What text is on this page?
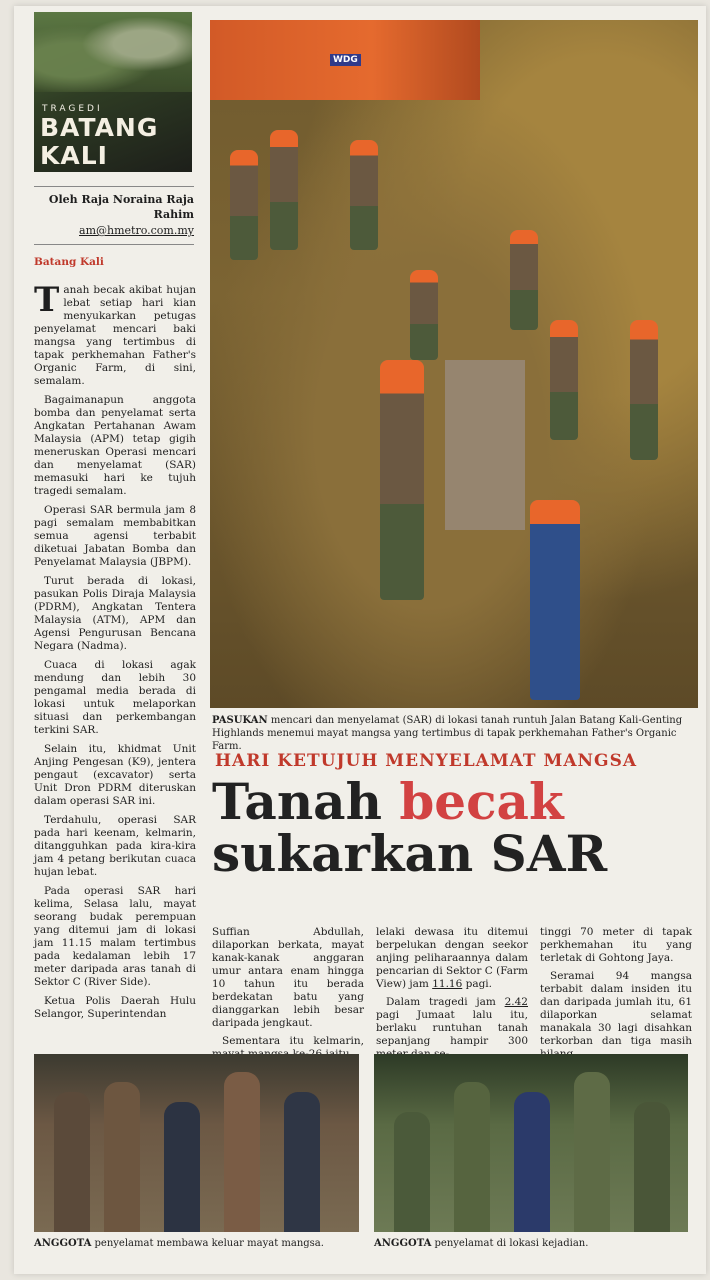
TRAGEDI
BATANG
KALI
Oleh Raja Noraina Raja Rahim
am@hmetro.com.my
Batang Kali

Tanah becak akibat hujan lebat setiap hari kian menyukarkan petugas penyelamat mencari baki mangsa yang tertimbus di tapak perkhemahan Father's Organic Farm, di sini, semalam.

Bagaimanapun anggota bomba dan penyelamat serta Angkatan Pertahanan Awam Malaysia (APM) tetap gigih meneruskan Operasi mencari dan menyelamat (SAR) memasuki hari ke tujuh tragedi semalam.

Operasi SAR bermula jam 8 pagi semalam membabitkan semua agensi terbabit diketuai Jabatan Bomba dan Penyelamat Malaysia (JBPM).

Turut berada di lokasi, pasukan Polis Diraja Malaysia (PDRM), Angkatan Tentera Malaysia (ATM), APM dan Agensi Pengurusan Bencana Negara (Nadma).

Cuaca di lokasi agak mendung dan lebih 30 pengamal media berada di lokasi untuk melaporkan situasi dan perkembangan terkini SAR.

Selain itu, khidmat Unit Anjing Pengesan (K9), jentera pengaut (excavator) serta Unit Dron PDRM diteruskan dalam operasi SAR ini.

Terdahulu, operasi SAR pada hari keenam, kelmarin, ditangguhkan pada kira-kira jam 4 petang berikutan cuaca hujan lebat.

Pada operasi SAR hari kelima, Selasa lalu, mayat seorang budak perempuan yang ditemui jam di lokasi jam 11.15 malam tertimbus pada kedalaman lebih 17 meter daripada aras tanah di Sektor C (River Side).

Ketua Polis Daerah Hulu Selangor, Superintendan

WDG
PASUKAN mencari dan menyelamat (SAR) di lokasi tanah runtuh Jalan Batang Kali-Genting Highlands menemui mayat mangsa yang tertimbus di tapak perkhemahan Father's Organic Farm.
HARI KETUJUH MENYELAMAT MANGSA
Tanah becak
sukarkan SAR

Suffian Abdullah, dilaporkan berkata, mayat kanak-kanak anggaran umur antara enam hingga 10 tahun itu berada berdekatan batu yang dianggarkan lebih besar daripada jengkaut.

Sementara itu kelmarin,

lelaki dewasa itu ditemui berpelukan dengan seekor anjing peliharaannya dalam pencarian di Sektor C (Farm View) jam 11.16 pagi.

Dalam tragedi jam 2.42 pagi Jumaat lalu itu, berlaku runtuhan tanah sepanjang hampir 300

tinggi 70 meter di tapak perkhemahan itu yang terletak di Gohtong Jaya.

Seramai 94 mangsa terbabit dalam insiden itu dan daripada jumlah itu, 61 dilaporkan selamat manakala 30 lagi disahkan terkorban dan tiga masih

ANGGOTA penyelamat membawa keluar mayat mangsa.	ANGGOTA penyelamat di lokasi kejadian.
